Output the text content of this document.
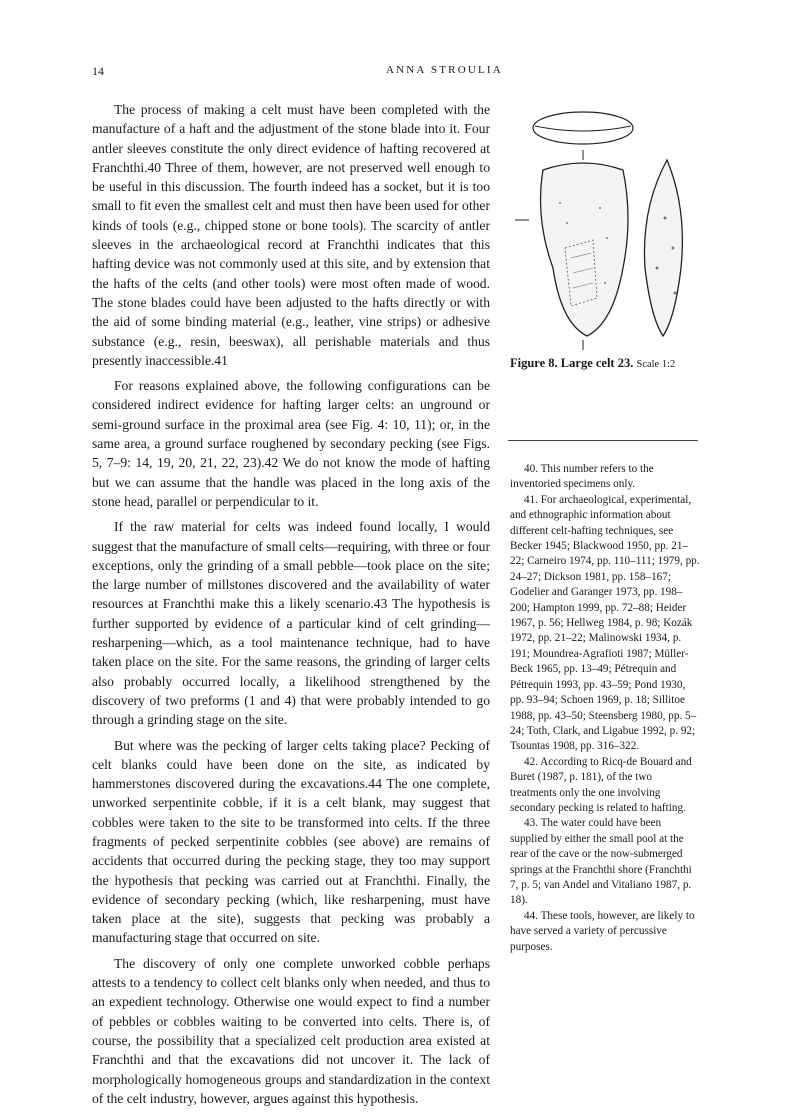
14	ANNA STROULIA

The process of making a celt must have been completed with the manufacture of a haft and the adjustment of the stone blade into it. Four antler sleeves constitute the only direct evidence of hafting recovered at Franchthi.40 Three of them, however, are not preserved well enough to be useful in this discussion. The fourth indeed has a socket, but it is too small to fit even the smallest celt and must then have been used for other kinds of tools (e.g., chipped stone or bone tools). The scarcity of antler sleeves in the archaeological record at Franchthi indicates that this hafting device was not commonly used at this site, and by extension that the hafts of the celts (and other tools) were most often made of wood. The stone blades could have been adjusted to the hafts directly or with the aid of some binding material (e.g., leather, vine strips) or adhesive substance (e.g., resin, beeswax), all perishable materials and thus presently inaccessible.41

For reasons explained above, the following configurations can be considered indirect evidence for hafting larger celts: an unground or semi-ground surface in the proximal area (see Fig. 4: 10, 11); or, in the same area, a ground surface roughened by secondary pecking (see Figs. 5, 7–9: 14, 19, 20, 21, 22, 23).42 We do not know the mode of hafting but we can assume that the handle was placed in the long axis of the stone head, parallel or perpendicular to it.

If the raw material for celts was indeed found locally, I would suggest that the manufacture of small celts—requiring, with three or four exceptions, only the grinding of a small pebble—took place on the site; the large number of millstones discovered and the availability of water resources at Franchthi make this a likely scenario.43 The hypothesis is further supported by evidence of a particular kind of celt grinding—resharpening—which, as a tool maintenance technique, had to have taken place on the site. For the same reasons, the grinding of larger celts also probably occurred locally, a likelihood strengthened by the discovery of two preforms (1 and 4) that were probably intended to go through a grinding stage on the site.

But where was the pecking of larger celts taking place? Pecking of celt blanks could have been done on the site, as indicated by hammerstones discovered during the excavations.44 The one complete, unworked serpentinite cobble, if it is a celt blank, may suggest that cobbles were taken to the site to be transformed into celts. If the three fragments of pecked serpentinite cobbles (see above) are remains of accidents that occurred during the pecking stage, they too may support the hypothesis that pecking was carried out at Franchthi. Finally, the evidence of secondary pecking (which, like resharpening, must have taken place at the site), suggests that pecking was probably a manufacturing stage that occurred on site.

The discovery of only one complete unworked cobble perhaps attests to a tendency to collect celt blanks only when needed, and thus to an expedient technology. Otherwise one would expect to find a number of pebbles or cobbles waiting to be converted into celts. There is, of course, the possibility that a specialized celt production area existed at Franchthi and that the excavations did not uncover it. The lack of morphologically homogeneous groups and standardization in the context of the celt industry, however, argues against this hypothesis.

Figure 8. Large celt 23. Scale 1:2

40. This number refers to the inventoried specimens only.

41. For archaeological, experimental, and ethnographic information about different celt-hafting techniques, see Becker 1945; Blackwood 1950, pp. 21–22; Carneiro 1974, pp. 110–111; 1979, pp. 24–27; Dickson 1981, pp. 158–167; Godelier and Garanger 1973, pp. 198–200; Hampton 1999, pp. 72–88; Heider 1967, p. 56; Hellweg 1984, p. 98; Kozák 1972, pp. 21–22; Malinowski 1934, p. 191; Moundrea-Agrafioti 1987; Müller-Beck 1965, pp. 13–49; Pétrequin and Pétrequin 1993, pp. 43–59; Pond 1930, pp. 93–94; Schoen 1969, p. 18; Sillitoe 1988, pp. 43–50; Steensberg 1980, pp. 5–24; Toth, Clark, and Ligabue 1992, p. 92; Tsountas 1908, pp. 316–322.

42. According to Ricq-de Bouard and Buret (1987, p. 181), of the two treatments only the one involving secondary pecking is related to hafting.

43. The water could have been supplied by either the small pool at the rear of the cave or the now-submerged springs at the Franchthi shore (Franchthi 7, p. 5; van Andel and Vitaliano 1987, p. 18).

44. These tools, however, are likely to have served a variety of percussive purposes.
